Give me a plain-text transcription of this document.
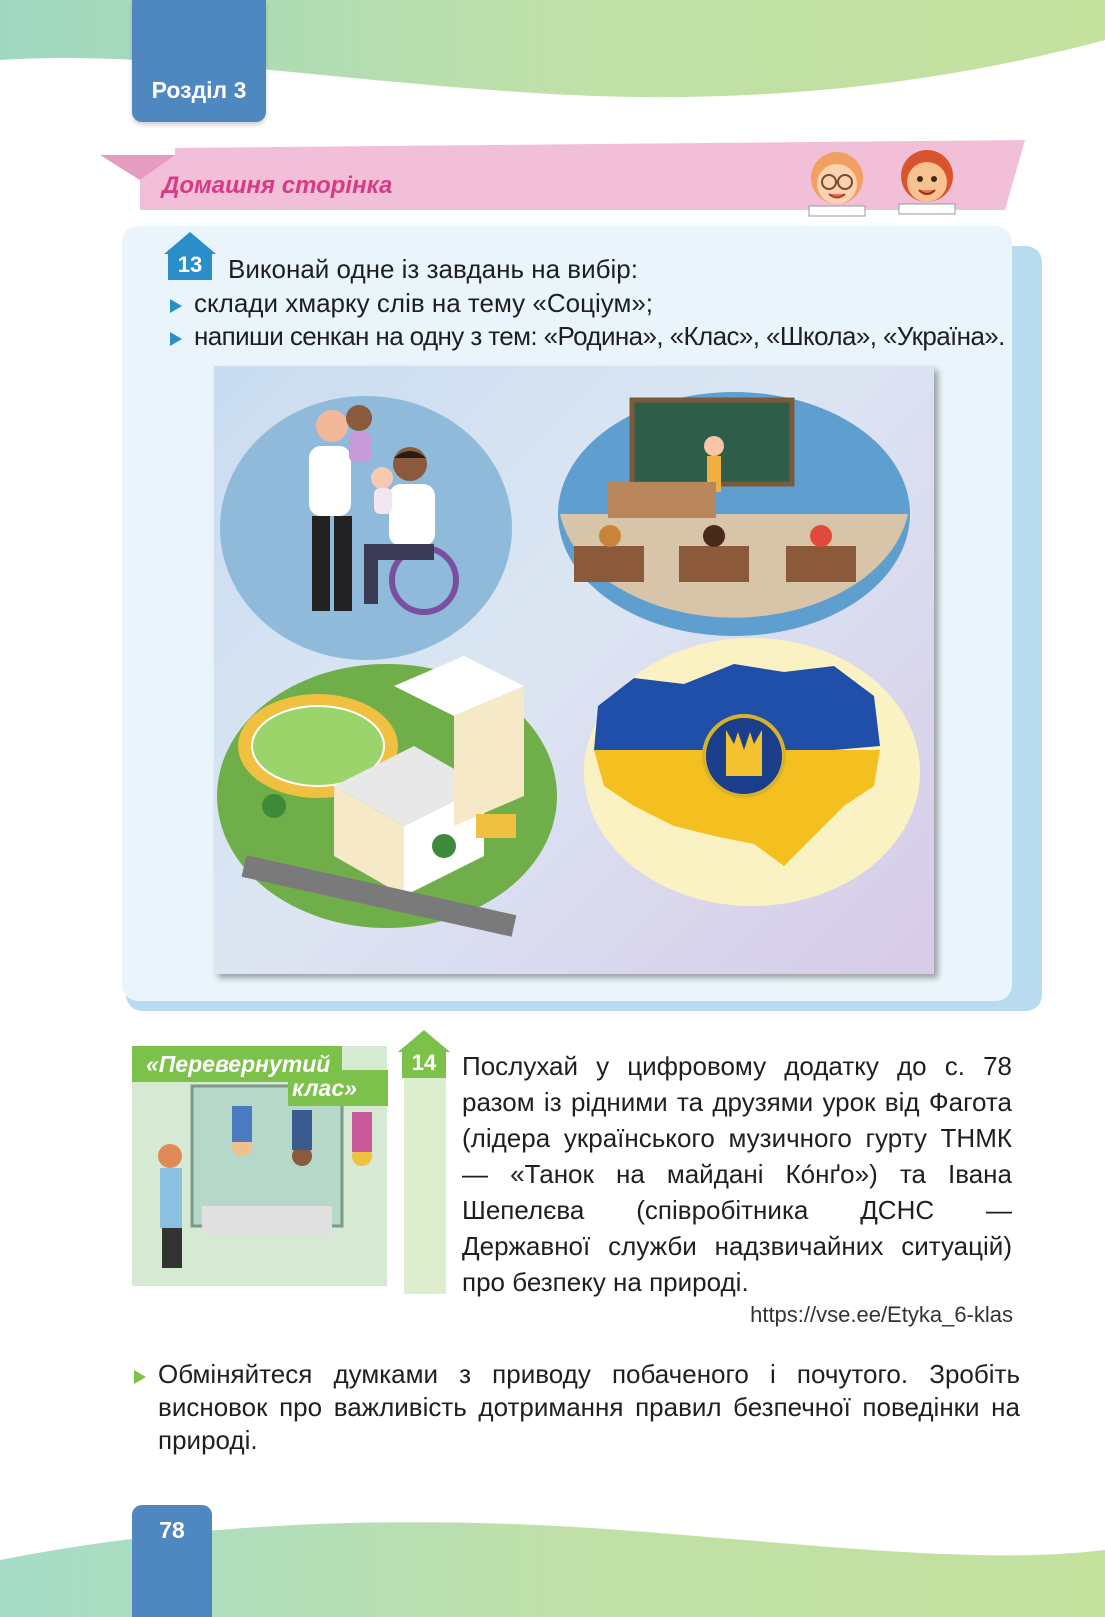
Розділ 3
Домашня сторінка
13 Виконай одне із завдань на вибір:
склади хмарку слів на тему «Соціум»;
напиши сенкан на одну з тем: «Родина», «Клас», «Школа», «Україна».
«Перевернутий
клас»
14 Послухай у цифровому додатку до с. 78 разом із рідними та друзями урок від Фагота (лідера українського музичного гурту ТНМК — «Танок на майдані Ко́нґо») та Івана Шепелєва (співробітника ДСНС — Державної служби надзвичайних ситуацій) про безпеку на природі.
https://vse.ee/Etyka_6-klas
Обміняйтеся думками з приводу побаченого і почутого. Зробіть висновок про важливість дотримання правил безпечної поведінки на природі.
78
